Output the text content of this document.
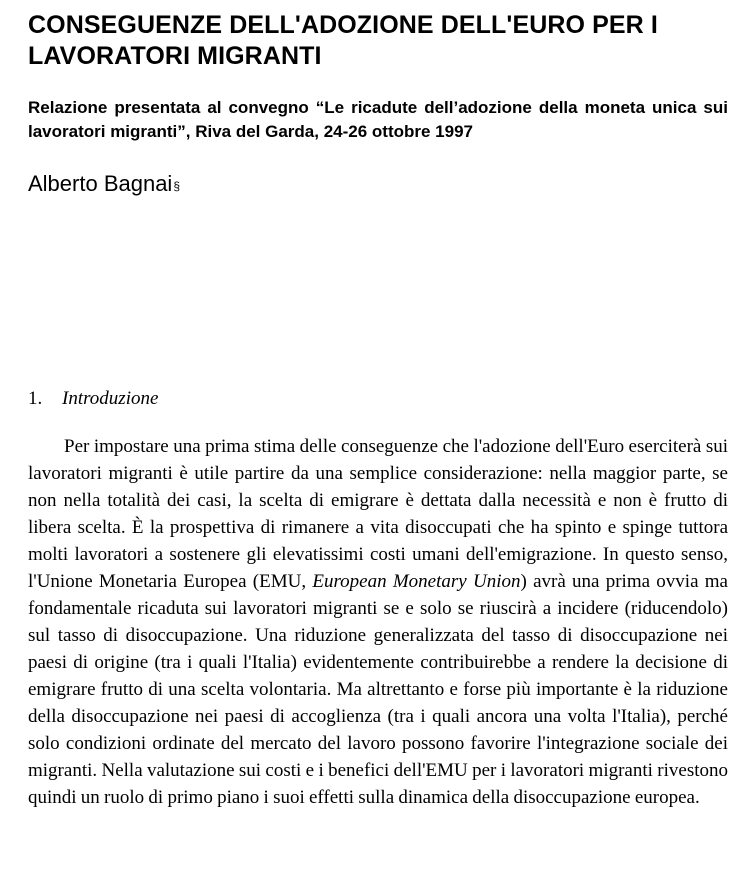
CONSEGUENZE DELL'ADOZIONE DELL'EURO PER I LAVORATORI MIGRANTI

Relazione presentata al convegno “Le ricadute dell’adozione della moneta unica sui lavoratori migranti”, Riva del Garda, 24-26 ottobre 1997

Alberto Bagnai§

1. Introduzione

Per impostare una prima stima delle conseguenze che l'adozione dell'Euro eserciterà sui lavoratori migranti è utile partire da una semplice considerazione: nella maggior parte, se non nella totalità dei casi, la scelta di emigrare è dettata dalla necessità e non è frutto di libera scelta. È la prospettiva di rimanere a vita disoccupati che ha spinto e spinge tuttora molti lavoratori a sostenere gli elevatissimi costi umani dell'emigrazione. In questo senso, l'Unione Monetaria Europea (EMU, European Monetary Union) avrà una prima ovvia ma fondamentale ricaduta sui lavoratori migranti se e solo se riuscirà a incidere (riducendolo) sul tasso di disoccupazione. Una riduzione generalizzata del tasso di disoccupazione nei paesi di origine (tra i quali l'Italia) evidentemente contribuirebbe a rendere la decisione di emigrare frutto di una scelta volontaria. Ma altrettanto e forse più importante è la riduzione della disoccupazione nei paesi di accoglienza (tra i quali ancora una volta l'Italia), perché solo condizioni ordinate del mercato del lavoro possono favorire l'integrazione sociale dei migranti. Nella valutazione sui costi e i benefici dell'EMU per i lavoratori migranti rivestono quindi un ruolo di primo piano i suoi effetti sulla dinamica della disoccupazione europea.
